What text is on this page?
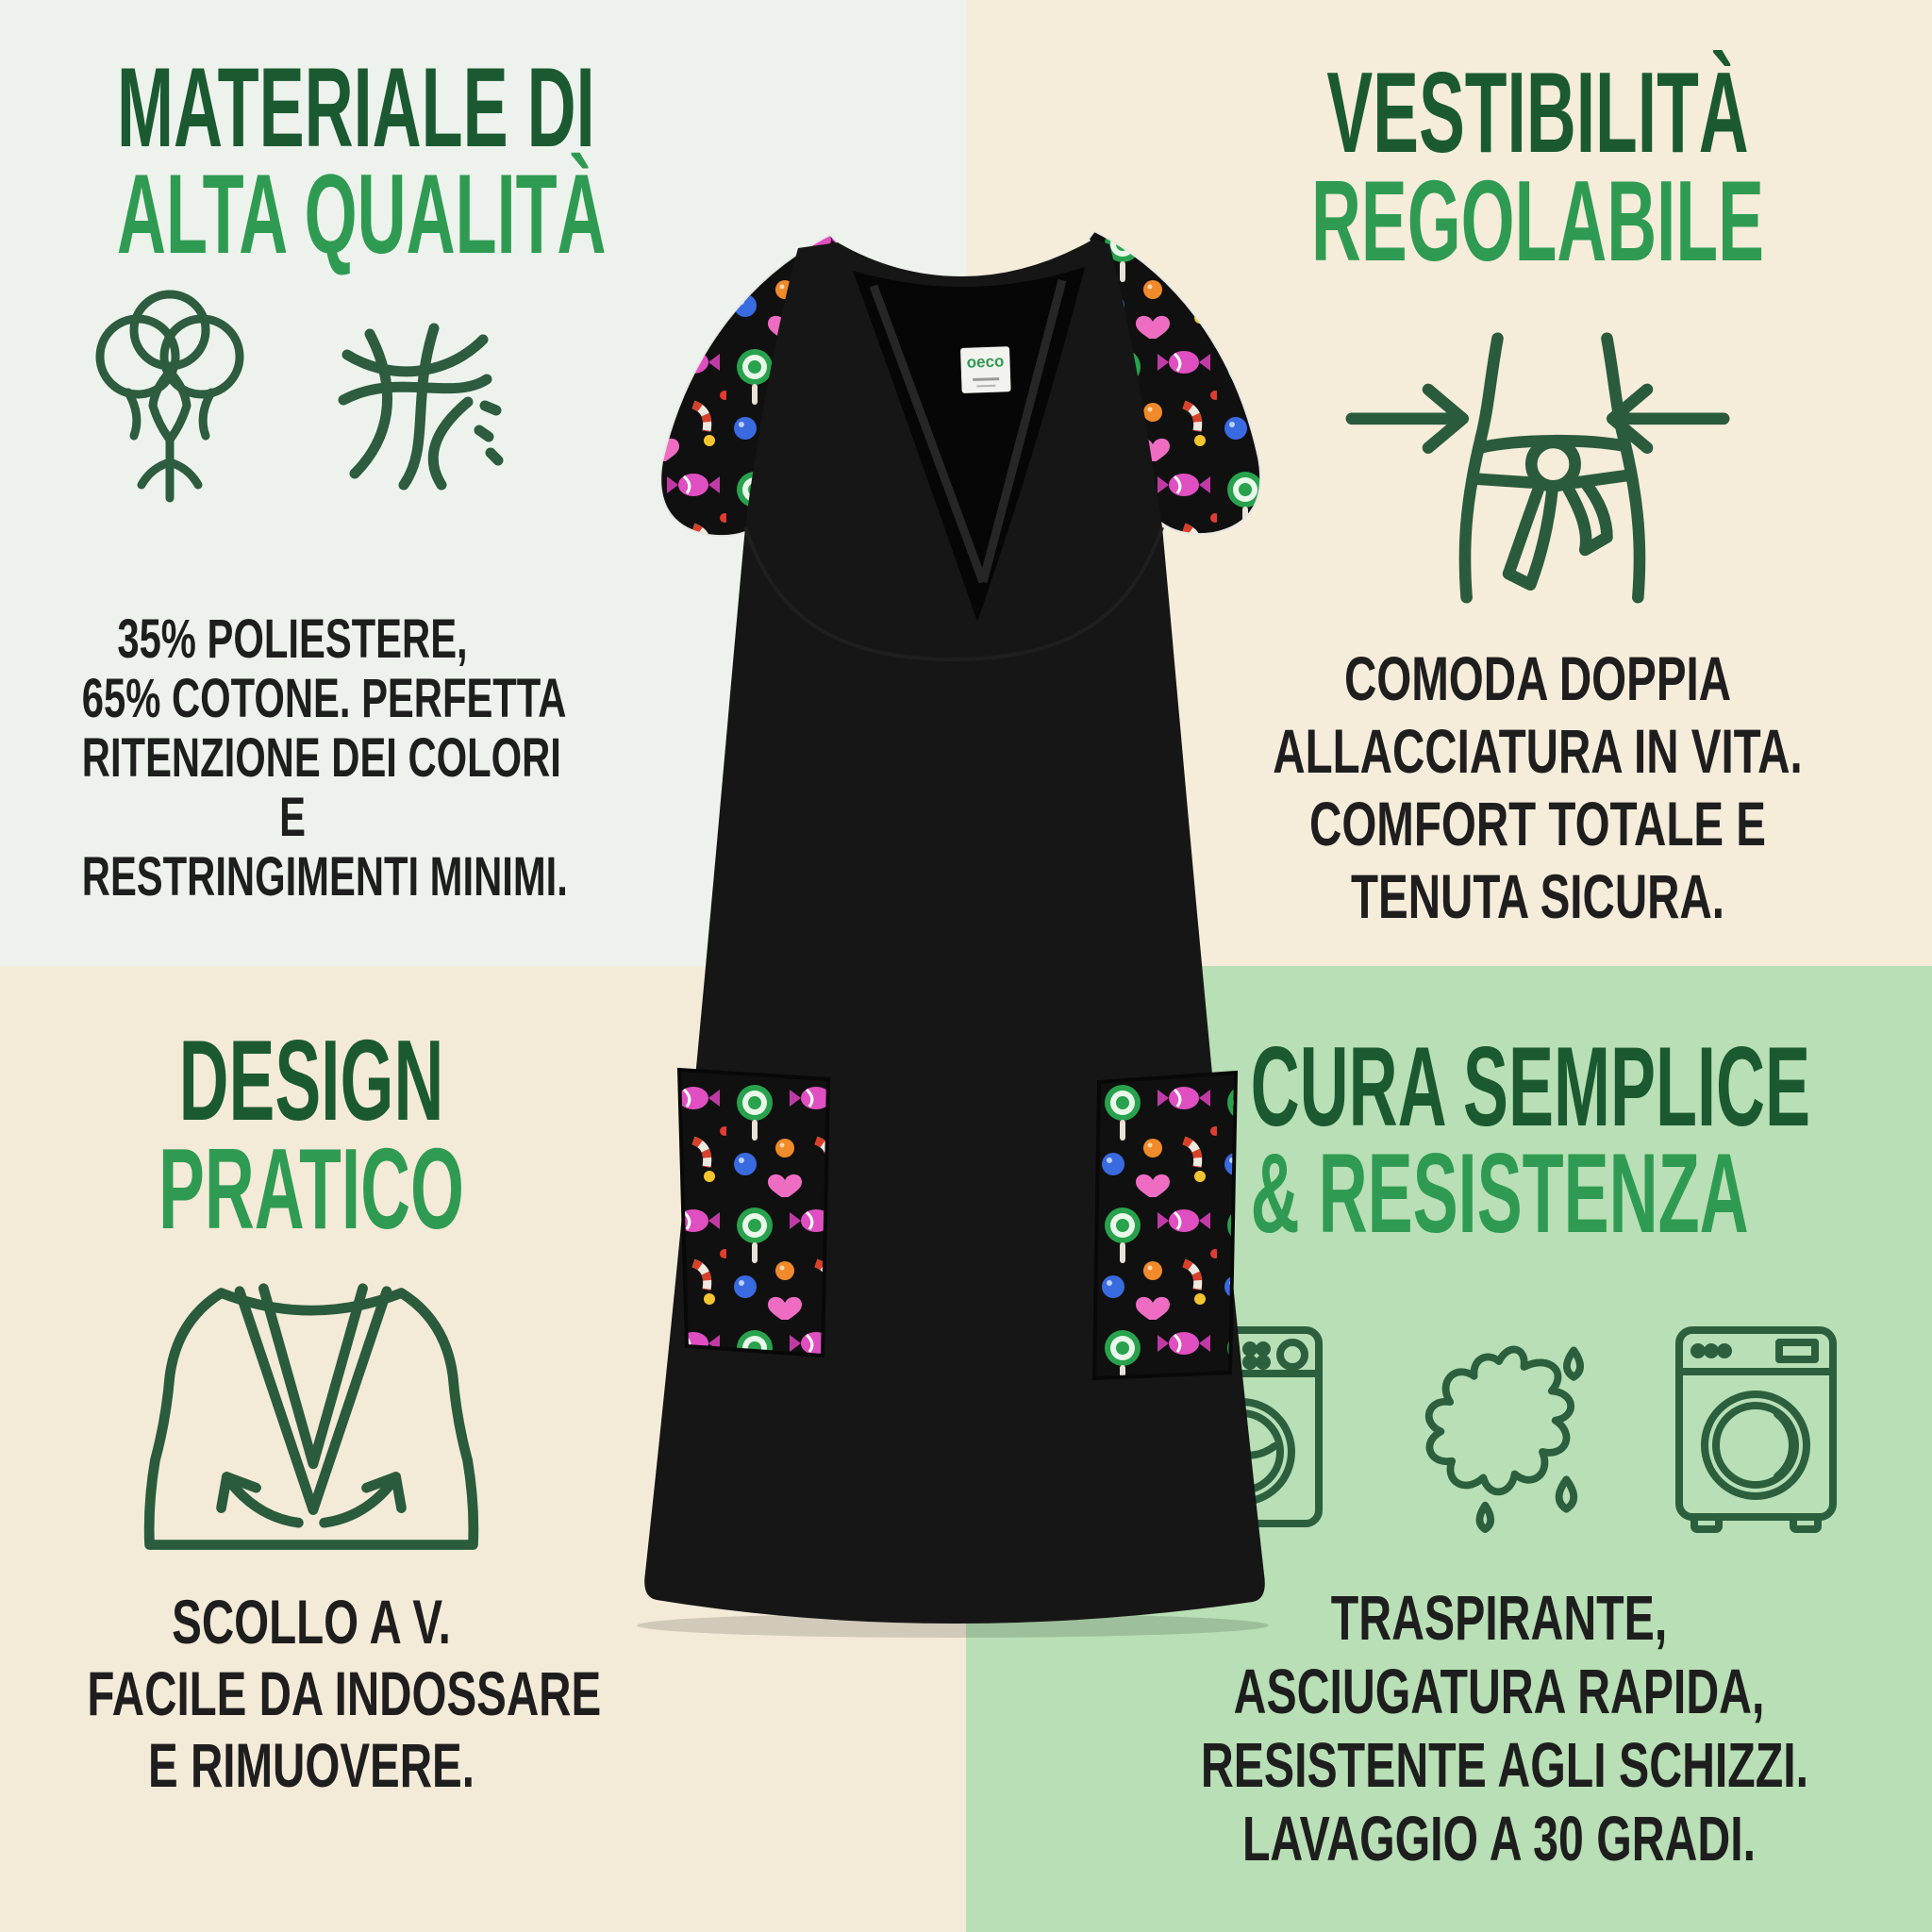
MATERIALE DI
ALTA QUALITÀ
35% POLIESTERE,
65% COTONE. PERFETTA
RITENZIONE DEI COLORI
E
RESTRINGIMENTI MINIMI.
VESTIBILITÀ
REGOLABILE
COMODA DOPPIA
ALLACCIATURA IN VITA.
COMFORT TOTALE E
TENUTA SICURA.
DESIGN
PRATICO
SCOLLO A V.
FACILE DA INDOSSARE
E RIMUOVERE.
CURA SEMPLICE
& RESISTENZA
TRASPIRANTE,
ASCIUGATURA RAPIDA,
RESISTENTE AGLI SCHIZZI.
LAVAGGIO A 30 GRADI.
oeco
